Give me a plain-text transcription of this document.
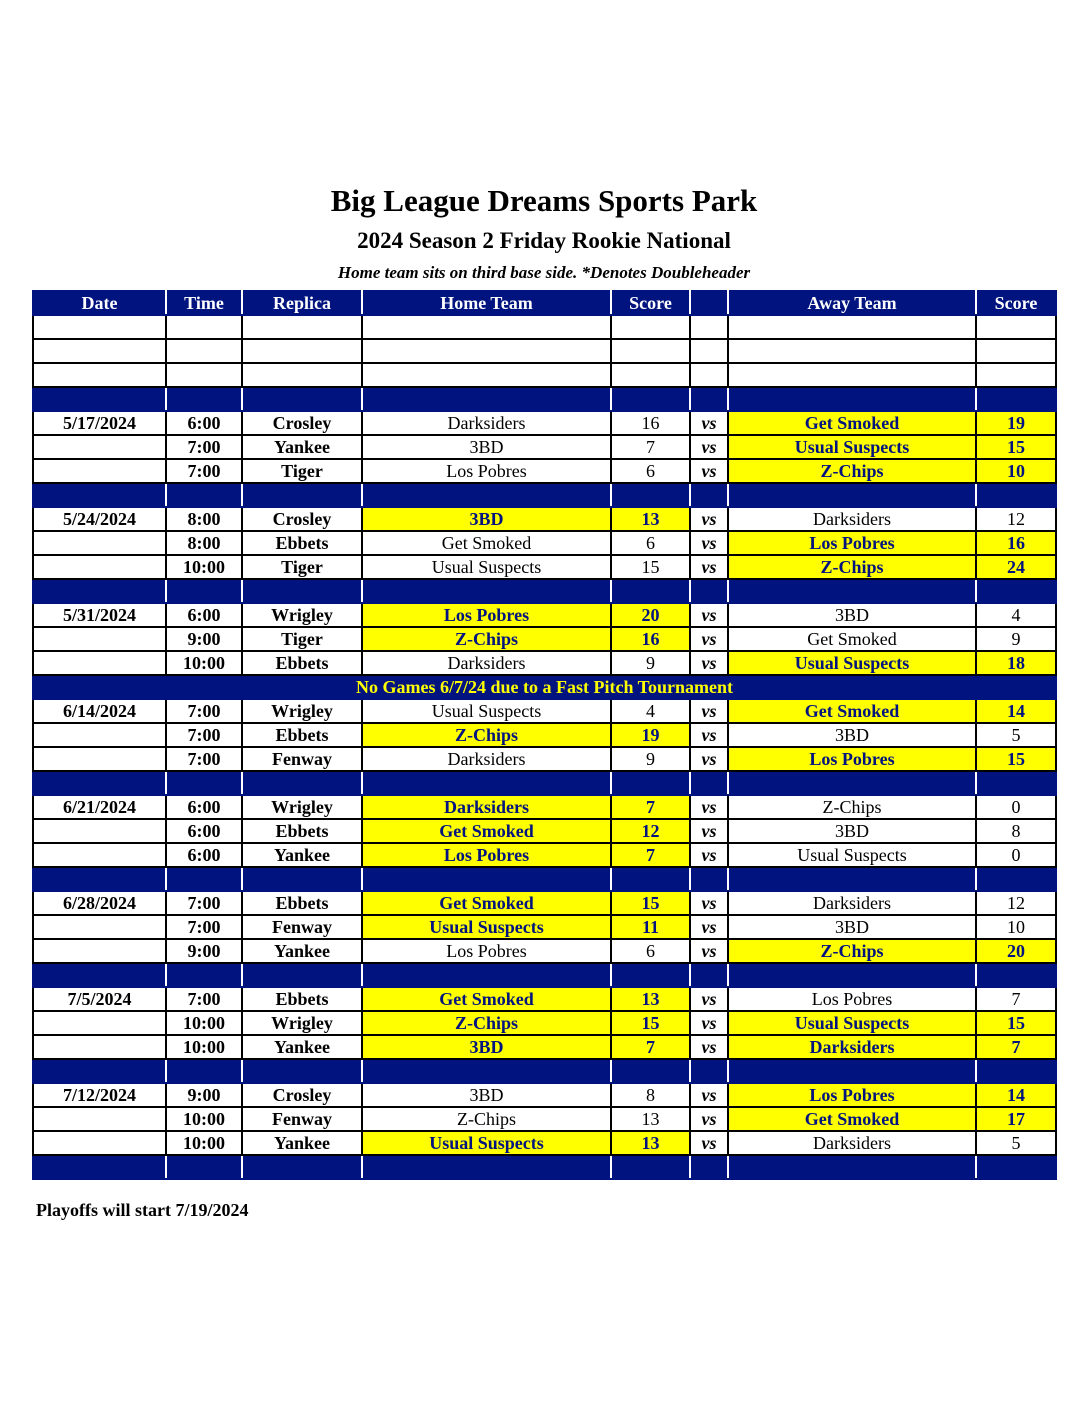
Big League Dreams Sports Park
2024 Season 2 Friday Rookie National
Home team sits on third base side. *Denotes Doubleheader
Date	Time	Replica	Home Team	Score		Away Team	Score

5/17/2024	6:00	Crosley	Darksiders	16	vs	Get Smoked	19
	7:00	Yankee	3BD	7	vs	Usual Suspects	15
	7:00	Tiger	Los Pobres	6	vs	Z-Chips	10

5/24/2024	8:00	Crosley	3BD	13	vs	Darksiders	12
	8:00	Ebbets	Get Smoked	6	vs	Los Pobres	16
	10:00	Tiger	Usual Suspects	15	vs	Z-Chips	24

5/31/2024	6:00	Wrigley	Los Pobres	20	vs	3BD	4
	9:00	Tiger	Z-Chips	16	vs	Get Smoked	9
	10:00	Ebbets	Darksiders	9	vs	Usual Suspects	18
No Games 6/7/24 due to a Fast Pitch Tournament							
6/14/2024	7:00	Wrigley	Usual Suspects	4	vs	Get Smoked	14
	7:00	Ebbets	Z-Chips	19	vs	3BD	5
	7:00	Fenway	Darksiders	9	vs	Los Pobres	15

6/21/2024	6:00	Wrigley	Darksiders	7	vs	Z-Chips	0
	6:00	Ebbets	Get Smoked	12	vs	3BD	8
	6:00	Yankee	Los Pobres	7	vs	Usual Suspects	0

6/28/2024	7:00	Ebbets	Get Smoked	15	vs	Darksiders	12
	7:00	Fenway	Usual Suspects	11	vs	3BD	10
	9:00	Yankee	Los Pobres	6	vs	Z-Chips	20

7/5/2024	7:00	Ebbets	Get Smoked	13	vs	Los Pobres	7
	10:00	Wrigley	Z-Chips	15	vs	Usual Suspects	15
	10:00	Yankee	3BD	7	vs	Darksiders	7

7/12/2024	9:00	Crosley	3BD	8	vs	Los Pobres	14
	10:00	Fenway	Z-Chips	13	vs	Get Smoked	17
	10:00	Yankee	Usual Suspects	13	vs	Darksiders	5

Playoffs will start 7/19/2024
